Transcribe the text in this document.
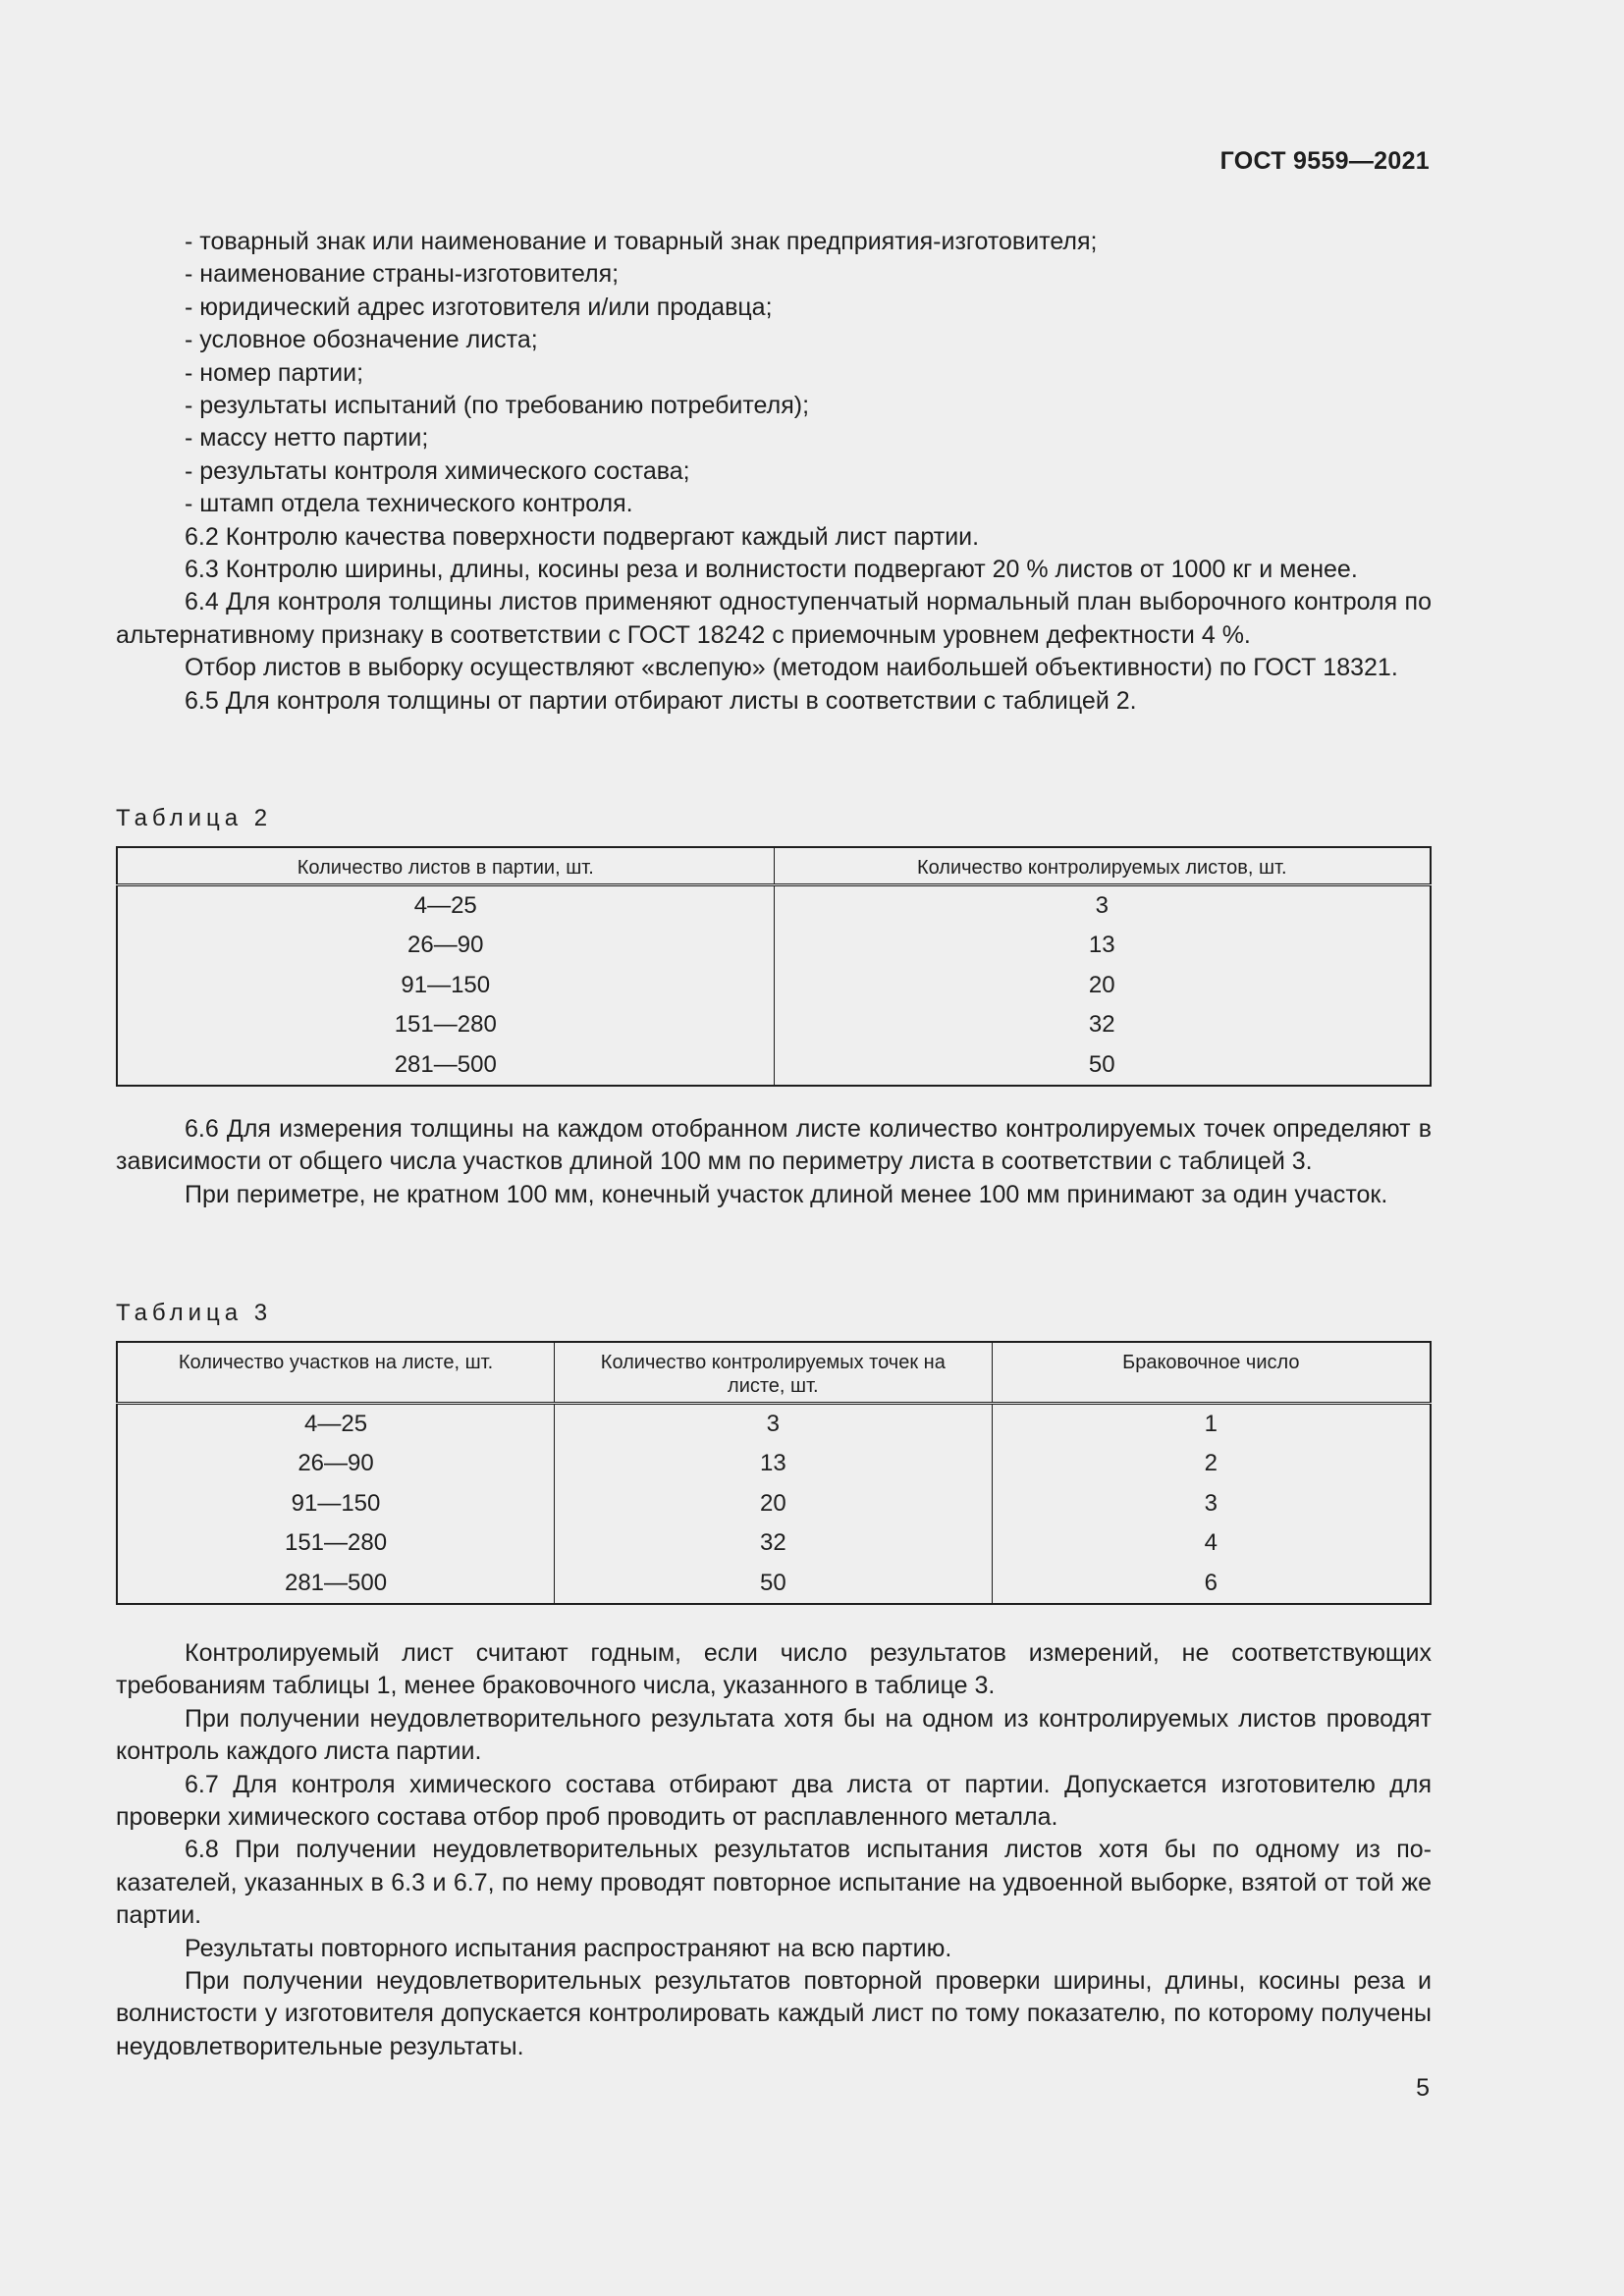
ГОСТ 9559—2021

- товарный знак или наименование и товарный знак предприятия-изготовителя;

- наименование страны-изготовителя;

- юридический адрес изготовителя и/или продавца;

- условное обозначение листа;

- номер партии;

- результаты испытаний (по требованию потребителя);

- массу нетто партии;

- результаты контроля химического состава;

- штамп отдела технического контроля.

6.2 Контролю качества поверхности подвергают каждый лист партии.

6.3 Контролю ширины, длины, косины реза и волнистости подвергают 20 % листов от 1000 кг и менее.

6.4 Для контроля толщины листов применяют одноступенчатый нормальный план выборочного контроля по альтернативному признаку в соответствии с ГОСТ 18242 с приемочным уровнем дефектности 4 %.

Отбор листов в выборку осуществляют «вслепую» (методом наибольшей объективности) по ГОСТ 18321.

6.5 Для контроля толщины от партии отбирают листы в соответствии с таблицей 2.

Таблица 2
Количество листов в партии, шт.	Количество контролируемых листов, шт.
4—25	3
26—90	13
91—150	20
151—280	32
281—500	50

6.6 Для измерения толщины на каждом отобранном листе количество контролируемых точек определяют в зависимости от общего числа участков длиной 100 мм по периметру листа в соответствии с таблицей 3.

При периметре, не кратном 100 мм, конечный участок длиной менее 100 мм принимают за один участок.

Таблица 3
Количество участков на листе, шт.	Количество контролируемых точек на листе, шт.	Браковочное число
4—25	3	1
26—90	13	2
91—150	20	3
151—280	32	4
281—500	50	6

Контролируемый лист считают годным, если число результатов измерений, не соответствующих требованиям таблицы 1, менее браковочного числа, указанного в таблице 3.

При получении неудовлетворительного результата хотя бы на одном из контролируемых листов проводят контроль каждого листа партии.

6.7 Для контроля химического состава отбирают два листа от партии. Допускается изготовителю для проверки химического состава отбор проб проводить от расплавленного металла.

6.8 При получении неудовлетворительных результатов испытания листов хотя бы по одному из показателей, указанных в 6.3 и 6.7, по нему проводят повторное испытание на удвоенной выборке, взятой от той же партии.

Результаты повторного испытания распространяют на всю партию.

При получении неудовлетворительных результатов повторной проверки ширины, длины, косины реза и волнистости у изготовителя допускается контролировать каждый лист по тому показателю, по которому получены неудовлетворительные результаты.

5
